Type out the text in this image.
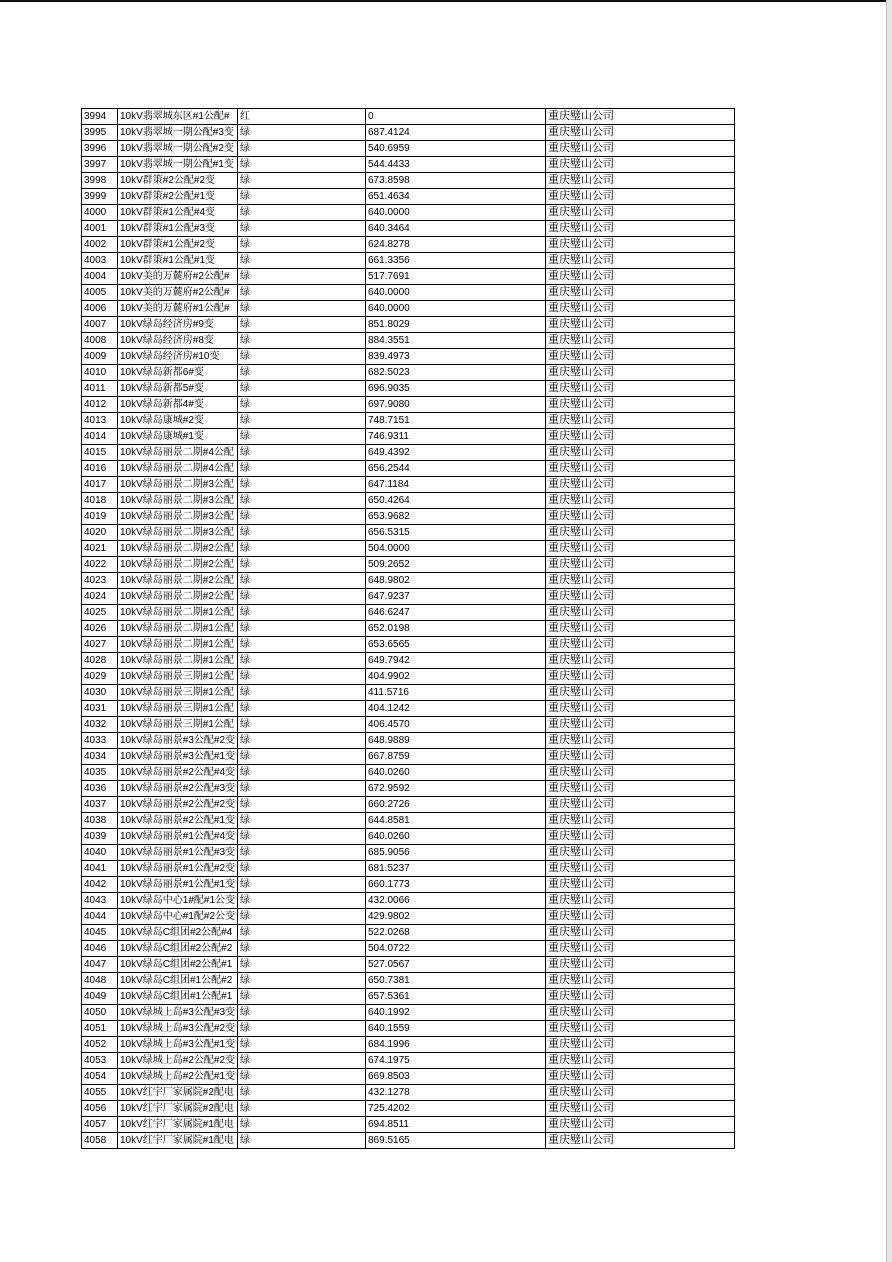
3994	10kV翡翠城东区#1公配#	红	0	重庆璧山公司
3995	10kV翡翠城一期公配#3变	绿	687.4124	重庆璧山公司
3996	10kV翡翠城一期公配#2变	绿	540.6959	重庆璧山公司
3997	10kV翡翠城一期公配#1变	绿	544.4433	重庆璧山公司
3998	10kV群策#2公配#2变	绿	673.8598	重庆璧山公司
3999	10kV群策#2公配#1变	绿	651.4634	重庆璧山公司
4000	10kV群策#1公配#4变	绿	640.0000	重庆璧山公司
4001	10kV群策#1公配#3变	绿	640.3464	重庆璧山公司
4002	10kV群策#1公配#2变	绿	624.8278	重庆璧山公司
4003	10kV群策#1公配#1变	绿	661.3356	重庆璧山公司
4004	10kV美的万麓府#2公配#	绿	517.7691	重庆璧山公司
4005	10kV美的万麓府#2公配#	绿	640.0000	重庆璧山公司
4006	10kV美的万麓府#1公配#	绿	640.0000	重庆璧山公司
4007	10kV绿岛经济房#9变	绿	851.8029	重庆璧山公司
4008	10kV绿岛经济房#8变	绿	884.3551	重庆璧山公司
4009	10kV绿岛经济房#10变	绿	839.4973	重庆璧山公司
4010	10kV绿岛新都6#变	绿	682.5023	重庆璧山公司
4011	10kV绿岛新都5#变	绿	696.9035	重庆璧山公司
4012	10kV绿岛新都4#变	绿	697.9080	重庆璧山公司
4013	10kV绿岛康城#2变	绿	748.7151	重庆璧山公司
4014	10kV绿岛康城#1变	绿	746.9311	重庆璧山公司
4015	10kV绿岛丽景二期#4公配	绿	649.4392	重庆璧山公司
4016	10kV绿岛丽景二期#4公配	绿	656.2544	重庆璧山公司
4017	10kV绿岛丽景二期#3公配	绿	647.1184	重庆璧山公司
4018	10kV绿岛丽景二期#3公配	绿	650.4264	重庆璧山公司
4019	10kV绿岛丽景二期#3公配	绿	653.9682	重庆璧山公司
4020	10kV绿岛丽景二期#3公配	绿	656.5315	重庆璧山公司
4021	10kV绿岛丽景二期#2公配	绿	504.0000	重庆璧山公司
4022	10kV绿岛丽景二期#2公配	绿	509.2652	重庆璧山公司
4023	10kV绿岛丽景二期#2公配	绿	648.9802	重庆璧山公司
4024	10kV绿岛丽景二期#2公配	绿	647.9237	重庆璧山公司
4025	10kV绿岛丽景二期#1公配	绿	646.6247	重庆璧山公司
4026	10kV绿岛丽景二期#1公配	绿	652.0198	重庆璧山公司
4027	10kV绿岛丽景二期#1公配	绿	653.6565	重庆璧山公司
4028	10kV绿岛丽景二期#1公配	绿	649.7942	重庆璧山公司
4029	10kV绿岛丽景三期#1公配	绿	404.9902	重庆璧山公司
4030	10kV绿岛丽景三期#1公配	绿	411.5716	重庆璧山公司
4031	10kV绿岛丽景三期#1公配	绿	404.1242	重庆璧山公司
4032	10kV绿岛丽景三期#1公配	绿	406.4570	重庆璧山公司
4033	10kV绿岛丽景#3公配#2变	绿	648.9889	重庆璧山公司
4034	10kV绿岛丽景#3公配#1变	绿	667.8759	重庆璧山公司
4035	10kV绿岛丽景#2公配#4变	绿	640.0260	重庆璧山公司
4036	10kV绿岛丽景#2公配#3变	绿	672.9592	重庆璧山公司
4037	10kV绿岛丽景#2公配#2变	绿	660.2726	重庆璧山公司
4038	10kV绿岛丽景#2公配#1变	绿	644.8581	重庆璧山公司
4039	10kV绿岛丽景#1公配#4变	绿	640.0260	重庆璧山公司
4040	10kV绿岛丽景#1公配#3变	绿	685.9056	重庆璧山公司
4041	10kV绿岛丽景#1公配#2变	绿	681.5237	重庆璧山公司
4042	10kV绿岛丽景#1公配#1变	绿	660.1773	重庆璧山公司
4043	10kV绿岛中心1#配#1公变	绿	432.0066	重庆璧山公司
4044	10kV绿岛中心#1配#2公变	绿	429.9802	重庆璧山公司
4045	10kV绿岛C组团#2公配#4	绿	522.0268	重庆璧山公司
4046	10kV绿岛C组团#2公配#2	绿	504.0722	重庆璧山公司
4047	10kV绿岛C组团#2公配#1	绿	527.0567	重庆璧山公司
4048	10kV绿岛C组团#1公配#2	绿	650.7381	重庆璧山公司
4049	10kV绿岛C组团#1公配#1	绿	657.5361	重庆璧山公司
4050	10kV绿城上岛#3公配#3变	绿	640.1992	重庆璧山公司
4051	10kV绿城上岛#3公配#2变	绿	640.1559	重庆璧山公司
4052	10kV绿城上岛#3公配#1变	绿	684.1996	重庆璧山公司
4053	10kV绿城上岛#2公配#2变	绿	674.1975	重庆璧山公司
4054	10kV绿城上岛#2公配#1变	绿	669.8503	重庆璧山公司
4055	10kV红宇厂家属院#2配电	绿	432.1278	重庆璧山公司
4056	10kV红宇厂家属院#2配电	绿	725.4202	重庆璧山公司
4057	10kV红宇厂家属院#1配电	绿	694.8511	重庆璧山公司
4058	10kV红宇厂家属院#1配电	绿	869.5165	重庆璧山公司
